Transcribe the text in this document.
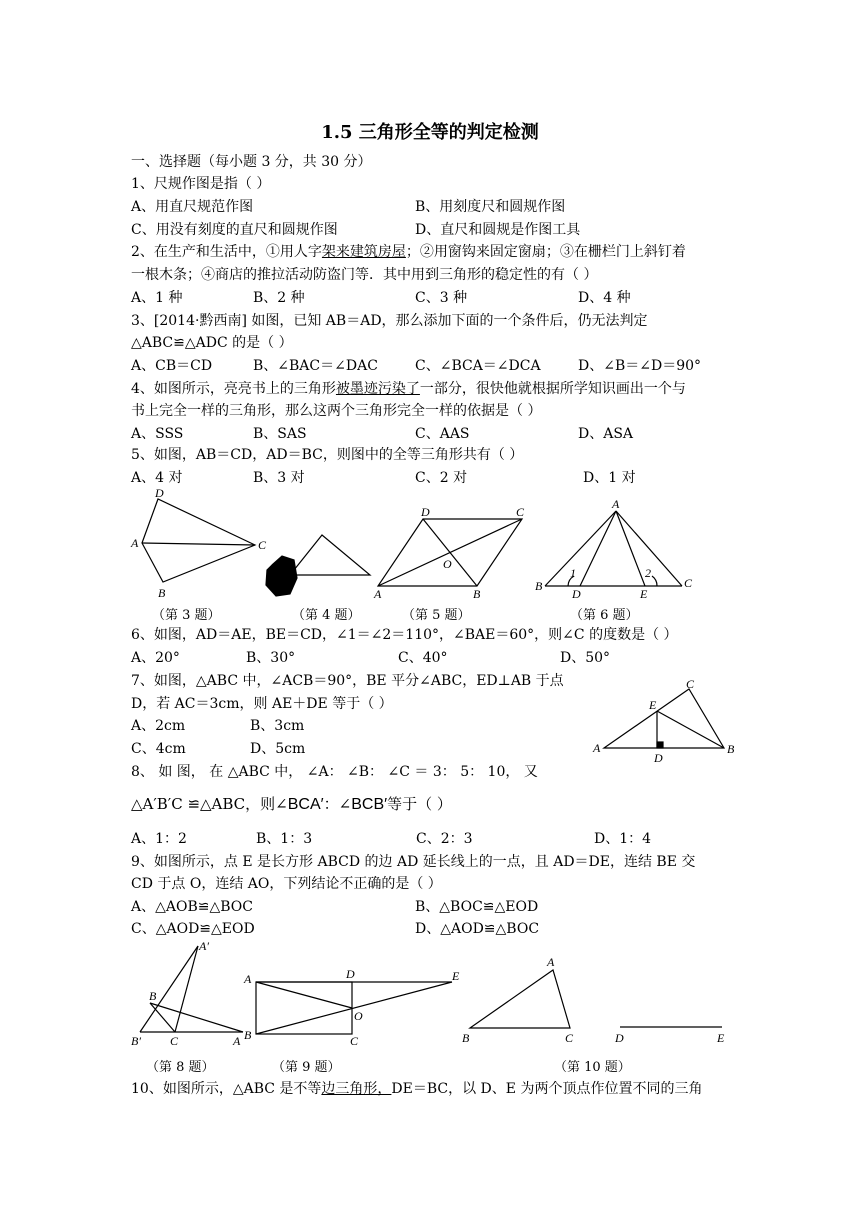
1.5 三角形全等的判定检测
一、选择题（每小题 3 分，共 30 分）
1、尺规作图是指（ ）
A、用直尺规范作图	B、用刻度尺和圆规作图
C、用没有刻度的直尺和圆规作图	D、直尺和圆规是作图工具
2、在生产和生活中，①用人字架来建筑房屋；②用窗钩来固定窗扇；③在栅栏门上斜钉着
一根木条；④商店的推拉活动防盗门等．其中用到三角形的稳定性的有（ ）
A、1 种	B、2 种	C、3 种	D、4 种
3、[2014·黔西南] 如图，已知 AB＝AD，那么添加下面的一个条件后，仍无法判定
△ABC≌△ADC 的是（ ）
A、CB＝CD	B、∠BAC＝∠DAC	C、∠BCA＝∠DCA	D、∠B＝∠D＝90°
4、如图所示，亮亮书上的三角形被墨迹污染了一部分，很快他就根据所学知识画出一个与
书上完全一样的三角形，那么这两个三角形完全一样的依据是（ ）
A、SSS	B、SAS	C、AAS	D、ASA
5、如图，AB＝CD，AD＝BC，则图中的全等三角形共有（ ）
A、4 对	B、3 对	C、2 对	D、1 对
D
A	C
B
D	C
O
A	B
A
B
D	E
C
1	2
C
E
A
D
B
A′
B
B′ C	A
A	D	E
O
B	C
A
B	C	D	E
（第 3 题）	（第 4 题）	（第 5 题）	（第 6 题）
6、如图，AD＝AE，BE＝CD，∠1＝∠2＝110°，∠BAE＝60°，则∠C 的度数是（ ）
A、20°	B、30°	C、40°	D、50°
7、如图，△ABC 中，∠ACB＝90°，BE 平分∠ABC，ED⊥AB 于点
D，若 AC＝3cm，则 AE＋DE 等于（ ）
A、2cm	B、3cm
C、4cm	D、5cm
8、 如 图， 在 △ABC 中， ∠A： ∠B： ∠C ＝ 3： 5： 10， 又
△A′B′C ≌△ABC，则∠BCA′：∠BCB′等于（ ）
A、1：2	B、1：3	C、2：3	D、1：4
9、如图所示，点 E 是长方形 ABCD 的边 AD 延长线上的一点，且 AD＝DE，连结 BE 交
CD 于点 O，连结 AO，下列结论不正确的是（ ）
A、△AOB≌△BOC	B、△BOC≌△EOD
C、△AOD≌△EOD	D、△AOD≌△BOC
（第 8 题）	（第 9 题）	（第 10 题）
10、如图所示，△ABC 是不等边三角形，DE＝BC，以 D、E 为两个顶点作位置不同的三角
